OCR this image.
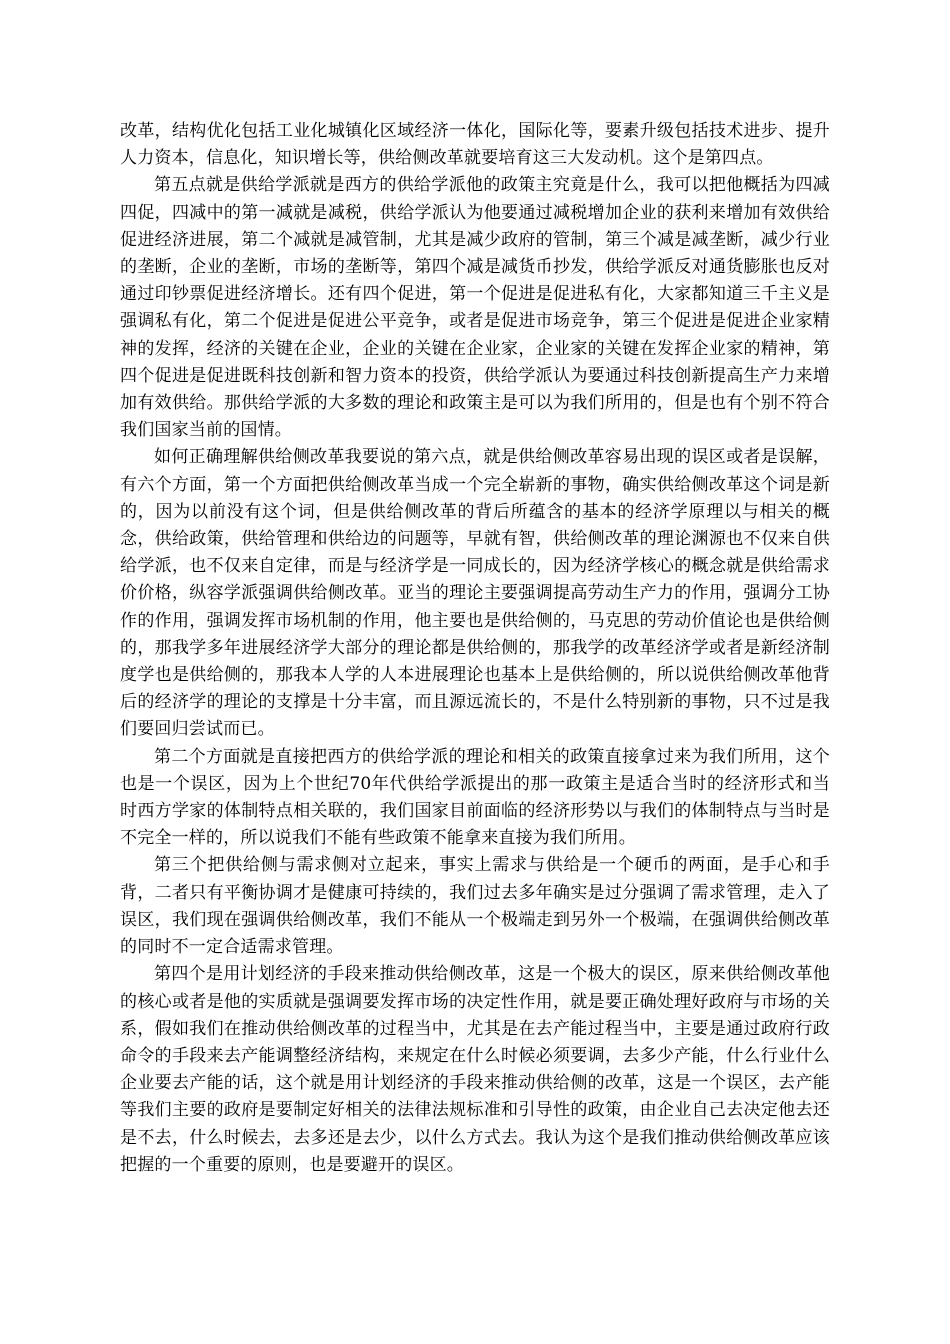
改革，结构优化包括工业化城镇化区域经济一体化，国际化等，要素升级包括技术进步、提升人力资本，信息化，知识增长等，供给侧改革就要培育这三大发动机。这个是第四点。

第五点就是供给学派就是西方的供给学派他的政策主究竟是什么，我可以把他概括为四减四促，四减中的第一减就是减税，供给学派认为他要通过减税增加企业的获利来增加有效供给促进经济进展，第二个减就是减管制，尤其是减少政府的管制，第三个减是减垄断，减少行业的垄断，企业的垄断，市场的垄断等，第四个减是减货币抄发，供给学派反对通货膨胀也反对通过印钞票促进经济增长。还有四个促进，第一个促进是促进私有化，大家都知道三千主义是强调私有化，第二个促进是促进公平竞争，或者是促进市场竞争，第三个促进是促进企业家精神的发挥，经济的关键在企业，企业的关键在企业家，企业家的关键在发挥企业家的精神，第四个促进是促进既科技创新和智力资本的投资，供给学派认为要通过科技创新提高生产力来增加有效供给。那供给学派的大多数的理论和政策主是可以为我们所用的，但是也有个别不符合我们国家当前的国情。

如何正确理解供给侧改革我要说的第六点，就是供给侧改革容易出现的误区或者是误解，有六个方面，第一个方面把供给侧改革当成一个完全崭新的事物，确实供给侧改革这个词是新的，因为以前没有这个词，但是供给侧改革的背后所蕴含的基本的经济学原理以与相关的概念，供给政策，供给管理和供给边的问题等，早就有智，供给侧改革的理论渊源也不仅来自供给学派，也不仅来自定律，而是与经济学是一同成长的，因为经济学核心的概念就是供给需求价价格，纵容学派强调供给侧改革。亚当的理论主要强调提高劳动生产力的作用，强调分工协作的作用，强调发挥市场机制的作用，他主要也是供给侧的，马克思的劳动价值论也是供给侧的，那我学多年进展经济学大部分的理论都是供给侧的，那我学的改革经济学或者是新经济制度学也是供给侧的，那我本人学的人本进展理论也基本上是供给侧的，所以说供给侧改革他背后的经济学的理论的支撑是十分丰富，而且源远流长的，不是什么特别新的事物，只不过是我们要回归尝试而已。

第二个方面就是直接把西方的供给学派的理论和相关的政策直接拿过来为我们所用，这个也是一个误区，因为上个世纪70年代供给学派提出的那一政策主是适合当时的经济形式和当时西方学家的体制特点相关联的，我们国家目前面临的经济形势以与我们的体制特点与当时是不完全一样的，所以说我们不能有些政策不能拿来直接为我们所用。

第三个把供给侧与需求侧对立起来，事实上需求与供给是一个硬币的两面，是手心和手背，二者只有平衡协调才是健康可持续的，我们过去多年确实是过分强调了需求管理，走入了误区，我们现在强调供给侧改革，我们不能从一个极端走到另外一个极端，在强调供给侧改革的同时不一定合适需求管理。

第四个是用计划经济的手段来推动供给侧改革，这是一个极大的误区，原来供给侧改革他的核心或者是他的实质就是强调要发挥市场的决定性作用，就是要正确处理好政府与市场的关系，假如我们在推动供给侧改革的过程当中，尤其是在去产能过程当中，主要是通过政府行政命令的手段来去产能调整经济结构，来规定在什么时候必须要调，去多少产能，什么行业什么企业要去产能的话，这个就是用计划经济的手段来推动供给侧的改革，这是一个误区，去产能等我们主要的政府是要制定好相关的法律法规标准和引导性的政策，由企业自己去决定他去还是不去，什么时候去，去多还是去少，以什么方式去。我认为这个是我们推动供给侧改革应该把握的一个重要的原则，也是要避开的误区。
